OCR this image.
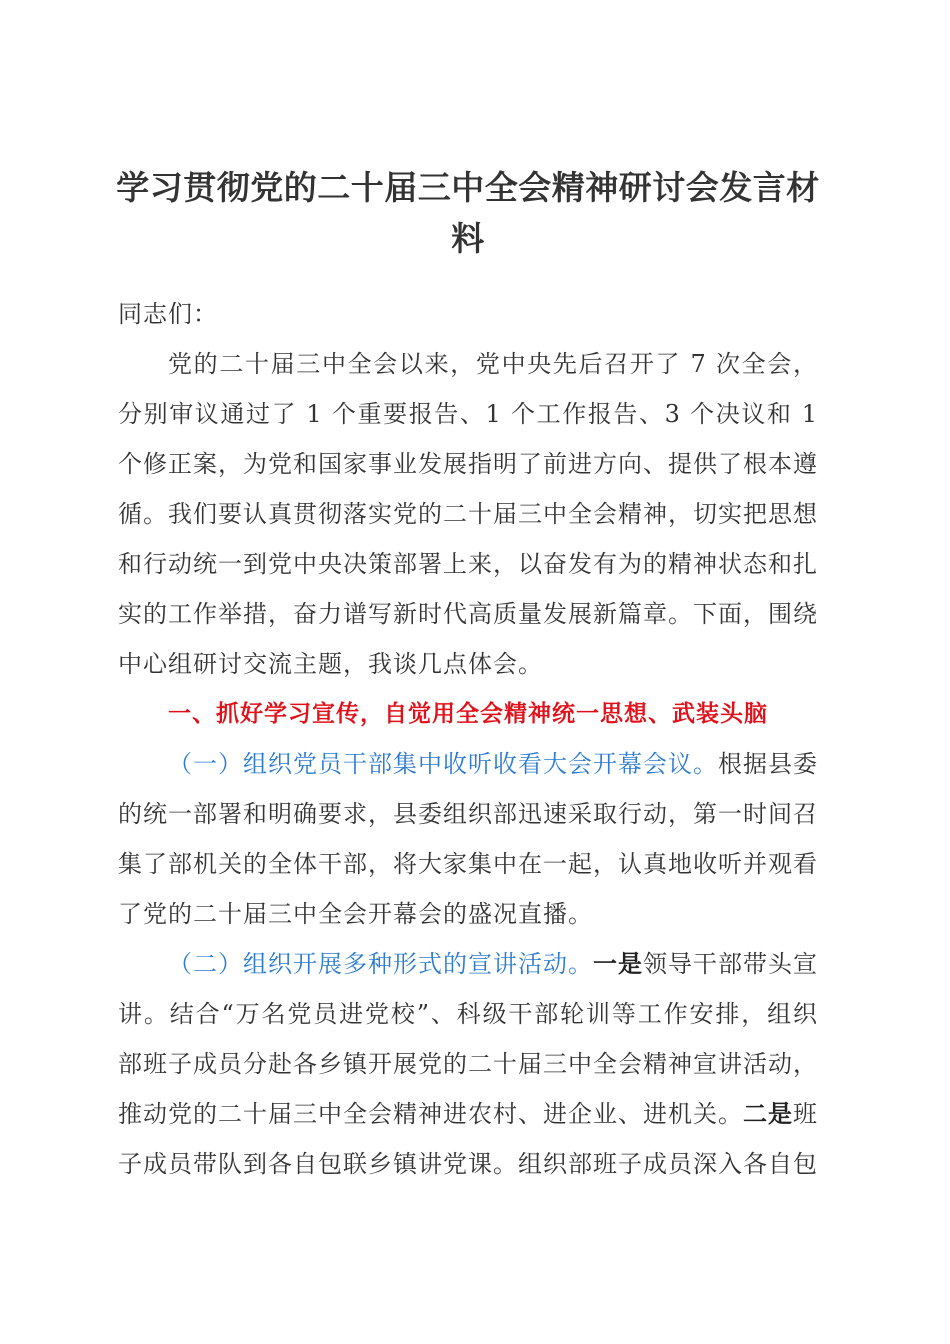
学习贯彻党的二十届三中全会精神研讨会发言材料

同志们：

党的二十届三中全会以来，党中央先后召开了 7 次全会，分别审议通过了 1 个重要报告、1 个工作报告、3 个决议和 1 个修正案，为党和国家事业发展指明了前进方向、提供了根本遵循。我们要认真贯彻落实党的二十届三中全会精神，切实把思想和行动统一到党中央决策部署上来，以奋发有为的精神状态和扎实的工作举措，奋力谱写新时代高质量发展新篇章。下面，围绕中心组研讨交流主题，我谈几点体会。

一、抓好学习宣传，自觉用全会精神统一思想、武装头脑

（一）组织党员干部集中收听收看大会开幕会议。根据县委的统一部署和明确要求，县委组织部迅速采取行动，第一时间召集了部机关的全体干部，将大家集中在一起，认真地收听并观看了党的二十届三中全会开幕会的盛况直播。

（二）组织开展多种形式的宣讲活动。一是领导干部带头宣讲。结合“万名党员进党校”、科级干部轮训等工作安排，组织部班子成员分赴各乡镇开展党的二十届三中全会精神宣讲活动，推动党的二十届三中全会精神进农村、进企业、进机关。二是班子成员带队到各自包联乡镇讲党课。组织部班子成员深入各自包
